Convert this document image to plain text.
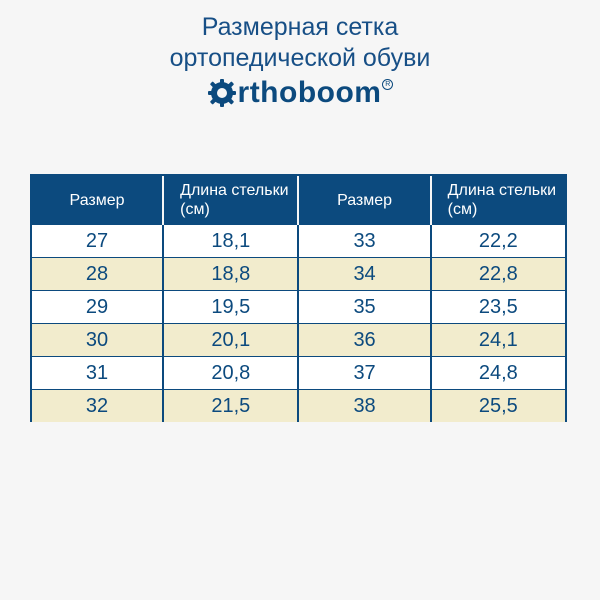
Размерная сетка
ортопедической обуви
rthoboom R
Размер	Длина стельки (см)	Размер	Длина стельки (см)
27	18,1	33	22,2
28	18,8	34	22,8
29	19,5	35	23,5
30	20,1	36	24,1
31	20,8	37	24,8
32	21,5	38	25,5
